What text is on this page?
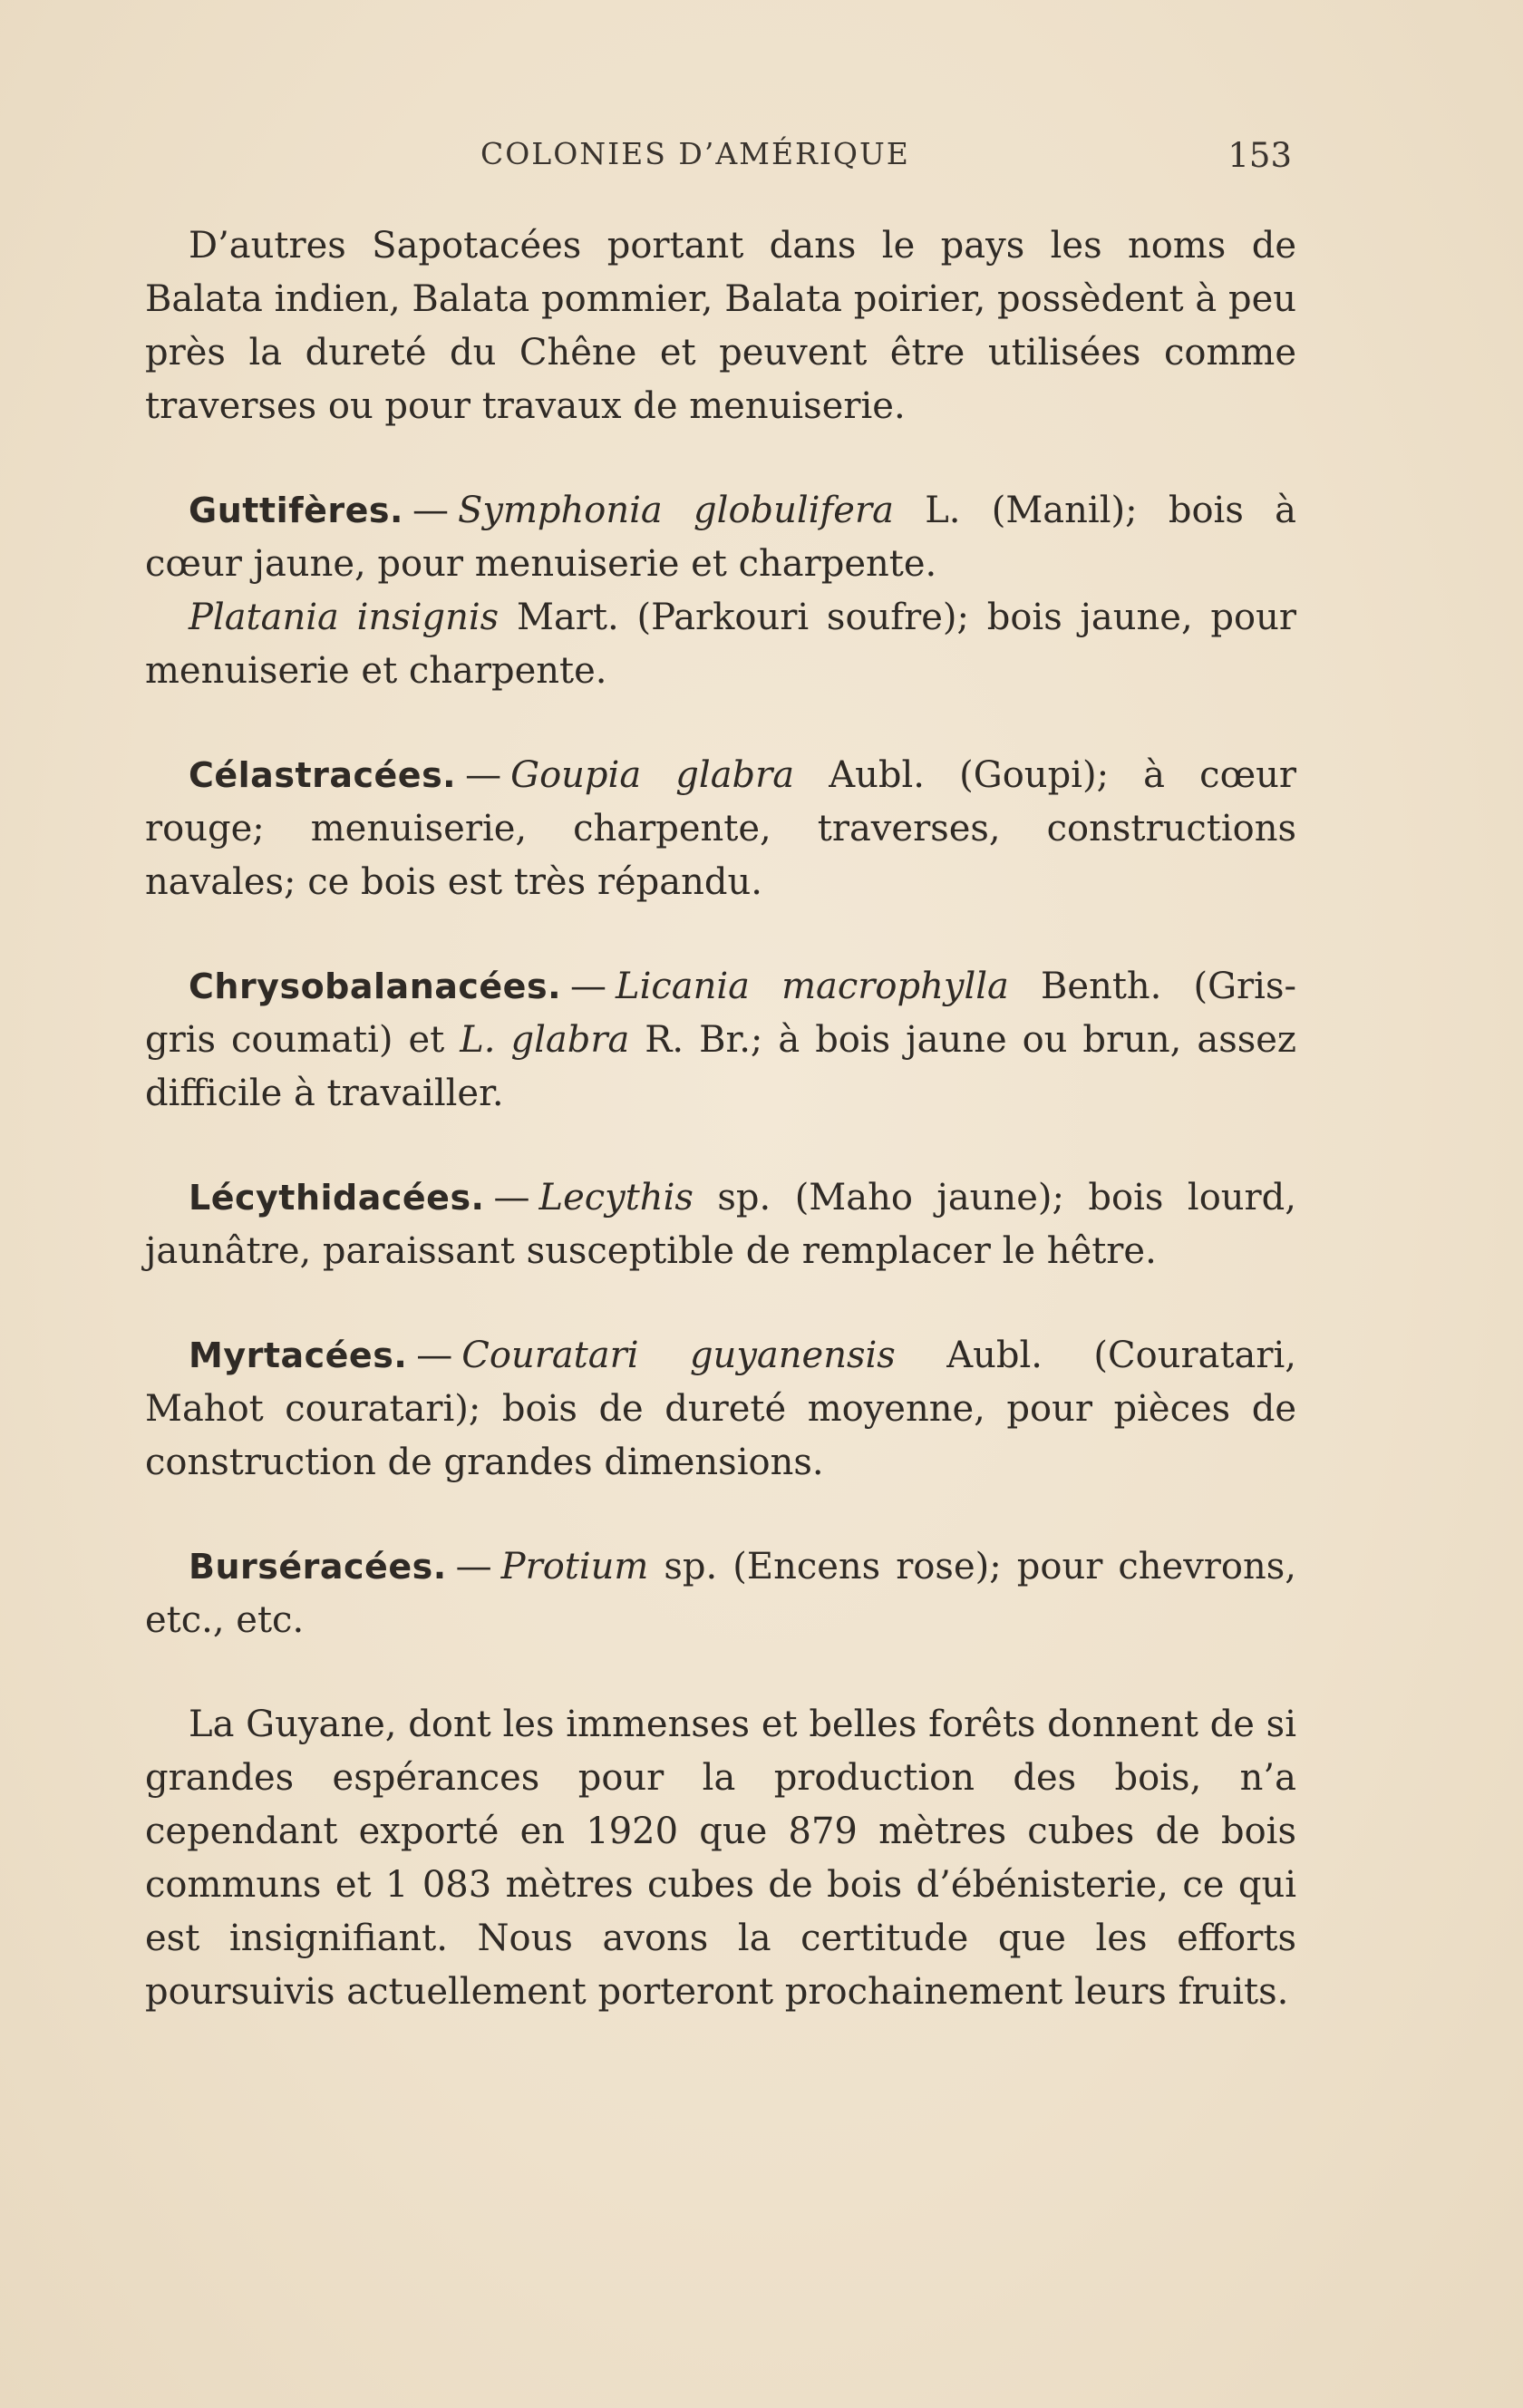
COLONIES D’AMÉRIQUE	153

D’autres Sapotacées portant dans le pays les noms de Balata indien, Balata pommier, Balata poirier, possèdent à peu près la dureté du Chêne et peuvent être utilisées comme traverses ou pour travaux de menuiserie.

Guttifères. — Symphonia globulifera L. (Manil); bois à cœur jaune, pour menuiserie et charpente.

Platania insignis Mart. (Parkouri soufre); bois jaune, pour menuiserie et charpente.

Célastracées. — Goupia glabra Aubl. (Goupi); à cœur rouge; menuiserie, charpente, traverses, constructions navales; ce bois est très répandu.

Chrysobalanacées. — Licania macrophylla Benth. (Gris-gris coumati) et L. glabra R. Br.; à bois jaune ou brun, assez difficile à travailler.

Lécythidacées. — Lecythis sp. (Maho jaune); bois lourd, jaunâtre, paraissant susceptible de remplacer le hêtre.

Myrtacées. — Couratari guyanensis Aubl. (Couratari, Mahot couratari); bois de dureté moyenne, pour pièces de construction de grandes dimensions.

Burséracées. — Protium sp. (Encens rose); pour chevrons, etc., etc.

La Guyane, dont les immenses et belles forêts donnent de si grandes espérances pour la production des bois, n’a cependant exporté en 1920 que 879 mètres cubes de bois communs et 1 083 mètres cubes de bois d’ébénisterie, ce qui est insignifiant. Nous avons la certitude que les efforts poursuivis actuellement porteront prochainement leurs fruits.
